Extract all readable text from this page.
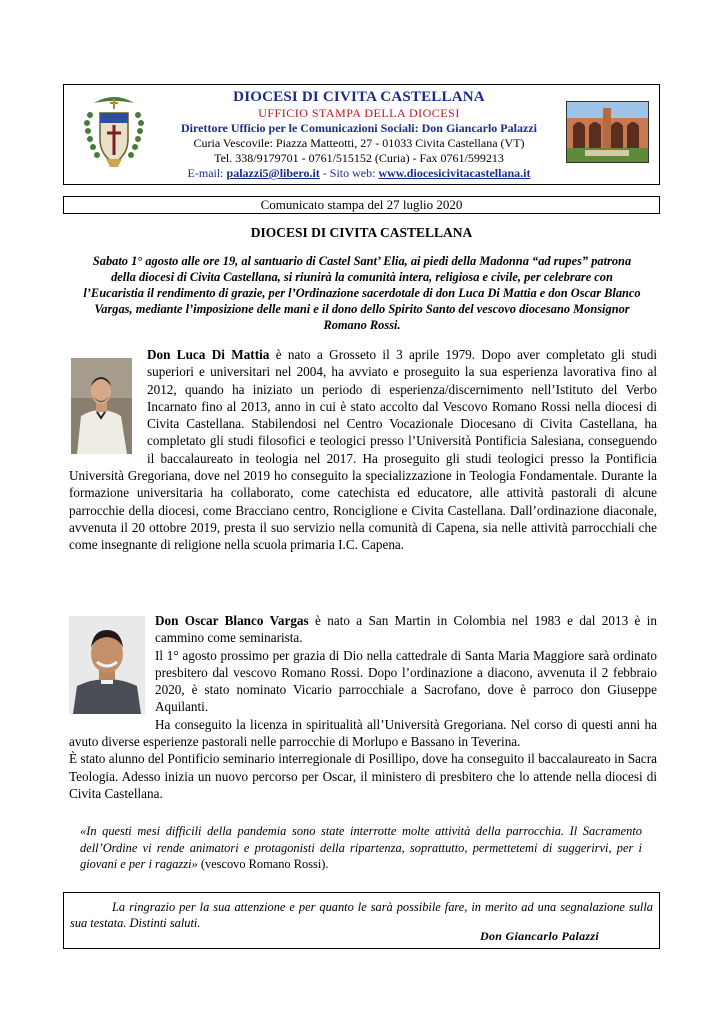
DIOCESI DI CIVITA CASTELLANA
UFFICIO STAMPA DELLA DIOCESI
Direttore Ufficio per le Comunicazioni Sociali: Don Giancarlo Palazzi
Curia Vescovile: Piazza Matteotti, 27 - 01033 Civita Castellana (VT)
Tel. 338/9179701 - 0761/515152 (Curia) - Fax 0761/599213
E-mail: palazzi5@libero.it - Sito web: www.diocesicivitacastellana.it
Comunicato stampa del 27 luglio 2020
DIOCESI DI CIVITA CASTELLANA
Sabato 1° agosto alle ore 19, al santuario di Castel Sant’ Elia, ai piedi della Madonna “ad rupes” patrona della diocesi di Civita Castellana, si riunirà la comunità intera, religiosa e civile, per celebrare con l’Eucaristia il rendimento di grazie, per l’Ordinazione sacerdotale di don Luca Di Mattia e don Oscar Blanco Vargas, mediante l’imposizione delle mani e il dono dello Spirito Santo del vescovo diocesano Monsignor Romano Rossi.

Don Luca Di Mattia è nato a Grosseto il 3 aprile 1979. Dopo aver completato gli studi superiori e universitari nel 2004, ha avviato e proseguito la sua esperienza lavorativa fino al 2012, quando ha iniziato un periodo di esperienza/discernimento nell’Istituto del Verbo Incarnato fino al 2013, anno in cui è stato accolto dal Vescovo Romano Rossi nella diocesi di Civita Castellana. Stabilendosi nel Centro Vocazionale Diocesano di Civita Castellana, ha completato gli studi filosofici e teologici presso l’Università Pontificia Salesiana, conseguendo il baccalaureato in teologia nel 2017. Ha proseguito gli studi teologici presso la Pontificia Università Gregoriana, dove nel 2019 ho conseguito la specializzazione in Teologia Fondamentale. Durante la formazione universitaria ha collaborato, come catechista ed educatore, alle attività pastorali di alcune parrocchie della diocesi, come Bracciano centro, Ronciglione e Civita Castellana. Dall’ordinazione diaconale, avvenuta il 20 ottobre 2019, presta il suo servizio nella comunità di Capena, sia nelle attività parrocchiali che come insegnante di religione nella scuola primaria I.C. Capena.

Don Oscar Blanco Vargas è nato a San Martin in Colombia nel 1983 e dal 2013 è in cammino come seminarista.

Il 1° agosto prossimo per grazia di Dio nella cattedrale di Santa Maria Maggiore sarà ordinato presbitero dal vescovo Romano Rossi. Dopo l’ordinazione a diacono, avvenuta il 2 febbraio 2020, è stato nominato Vicario parrocchiale a Sacrofano, dove è parroco don Giuseppe Aquilanti.

Ha conseguito la licenza in spiritualità all’Università Gregoriana. Nel corso di questi anni ha avuto diverse esperienze pastorali nelle parrocchie di Morlupo e Bassano in Teverina.

È stato alunno del Pontificio seminario interregionale di Posillipo, dove ha conseguito il baccalaureato in Sacra Teologia. Adesso inizia un nuovo percorso per Oscar, il ministero di presbitero che lo attende nella diocesi di Civita Castellana.

«In questi mesi difficili della pandemia sono state interrotte molte attività della parrocchia. Il Sacramento dell’Ordine vi rende animatori e protagonisti della ripartenza, soprattutto, permettetemi di suggerirvi, per i giovani e per i ragazzi» (vescovo Romano Rossi).
La ringrazio per la sua attenzione e per quanto le sarà possibile fare, in merito ad una segnalazione sulla sua testata. Distinti saluti.
Don Giancarlo Palazzi
